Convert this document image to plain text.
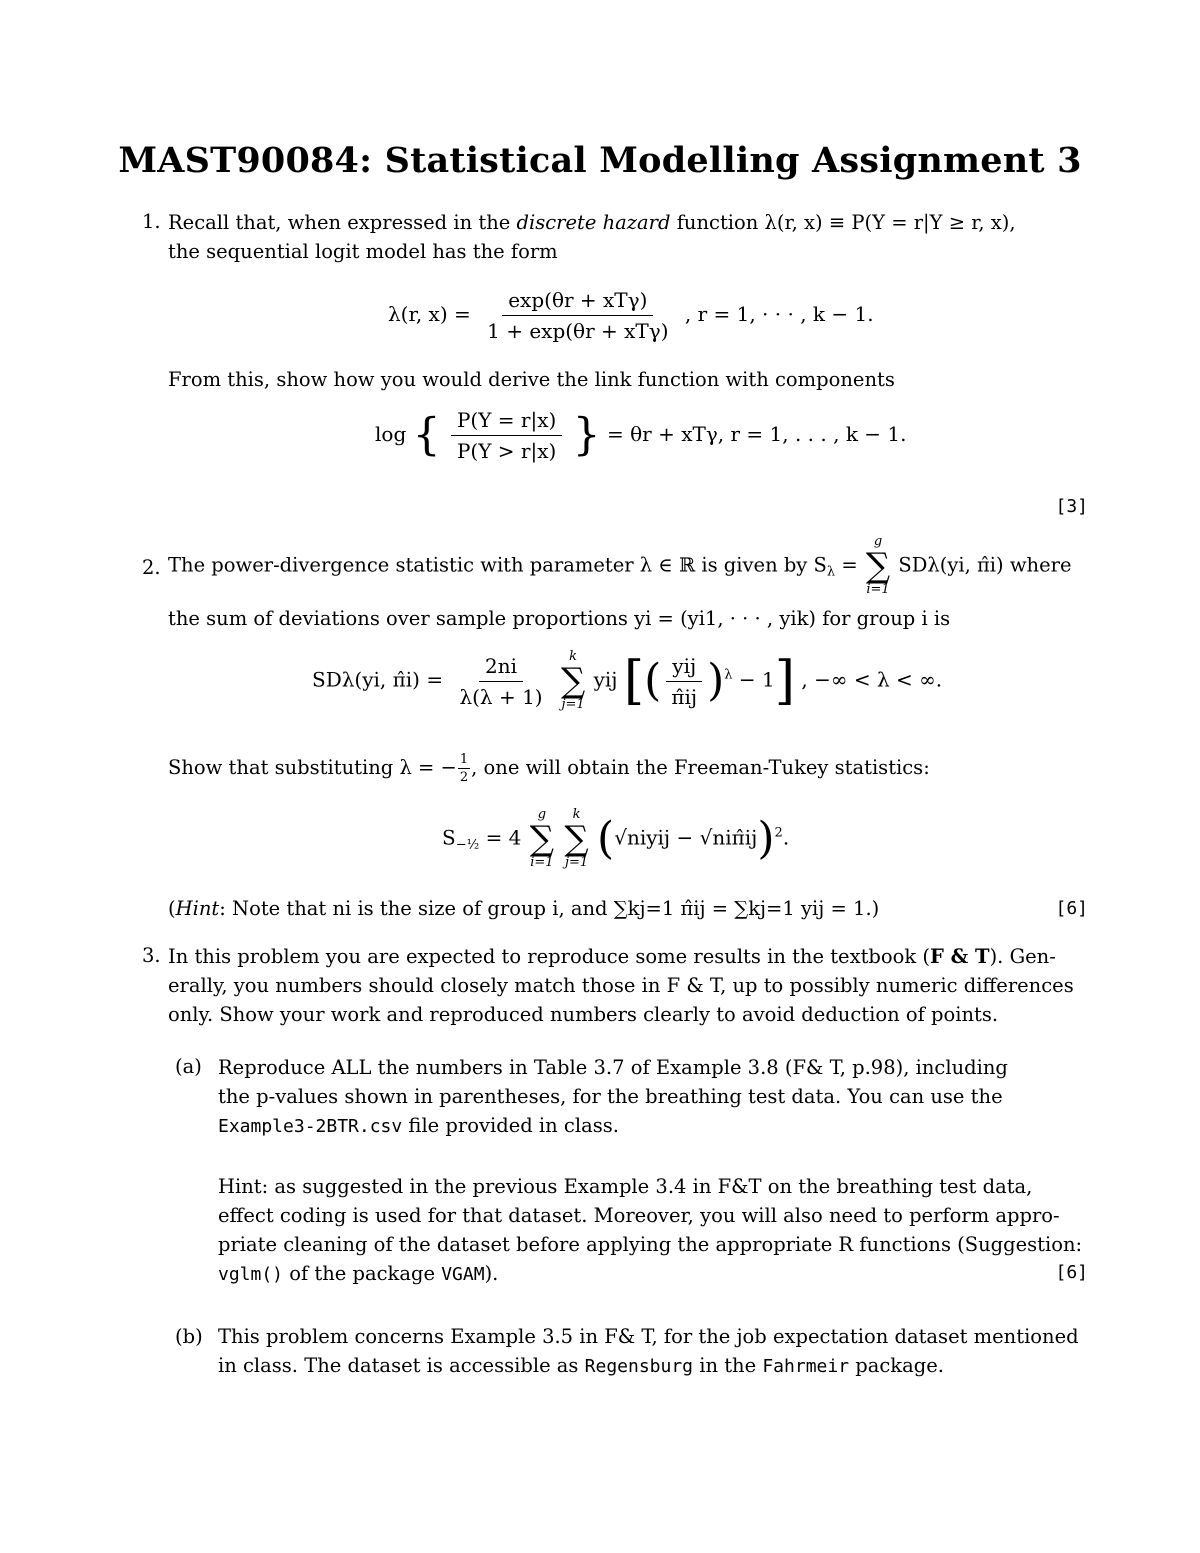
MAST90084: Statistical Modelling Assignment 3
1. Recall that, when expressed in the discrete hazard function λ(r, x) ≡ P(Y = r|Y ≥ r, x),
the sequential logit model has the form
λ(r, $x) = \frac{\text{exp(θr + xTγ)}}{\text{1 + exp(θr + xTγ)}}$ , r = 1, · · · , k − 1.
From this, show how you would derive the link function with components
log { $\frac{P(Y = r|x)}{P(Y > r|x)}$ } = θr + xTγ, r = 1, . . . , k − 1.
[3]
2. The power-divergence statistic with parameter λ ∈ ℝ is given by $S_\lambda$ =
g
∑
i=1
SDλ(yi, π̂i) where
the sum of deviations over sample proportions yi = (yi1, · · · , yik) for group i is
SDλ(yi, π̂i) = $\frac{2ni}{\lambda(\lambda + 1)}$
k
∑
j=1
yij [( $\frac{\text{yij}}{\pîij} )^\lambda - 1$] , −∞ < λ < ∞.
Show that substituting λ = − $\frac{1}{2}$ , one will obtain the Freeman-Tukey statistics:
$S_{-\frac{1}{2}} = 4$
g
∑
i=1

k
∑
j=1 (√niyij − √niπ̂ij)$^2$.
(Hint: Note that ni is the size of group i, and ∑kj=1 π̂ij = ∑kj=1 yij = 1.)	[6]
3. In this problem you are expected to reproduce some results in the textbook (F & T). Gen-
erally, you numbers should closely match those in F & T, up to possibly numeric differences
only. Show your work and reproduced numbers clearly to avoid deduction of points.
(a) Reproduce ALL the numbers in Table 3.7 of Example 3.8 (F& T, p.98), including
the p-values shown in parentheses, for the breathing test data. You can use the
Example3-2BTR.csv file provided in class.
Hint: as suggested in the previous Example 3.4 in F&T on the breathing test data,
effect coding is used for that dataset. Moreover, you will also need to perform appro-
priate cleaning of the dataset before applying the appropriate R functions (Suggestion:
vglm() of the package VGAM).	[6]
(b) This problem concerns Example 3.5 in F& T, for the job expectation dataset mentioned
in class. The dataset is accessible as Regensburg in the Fahrmeir package.
